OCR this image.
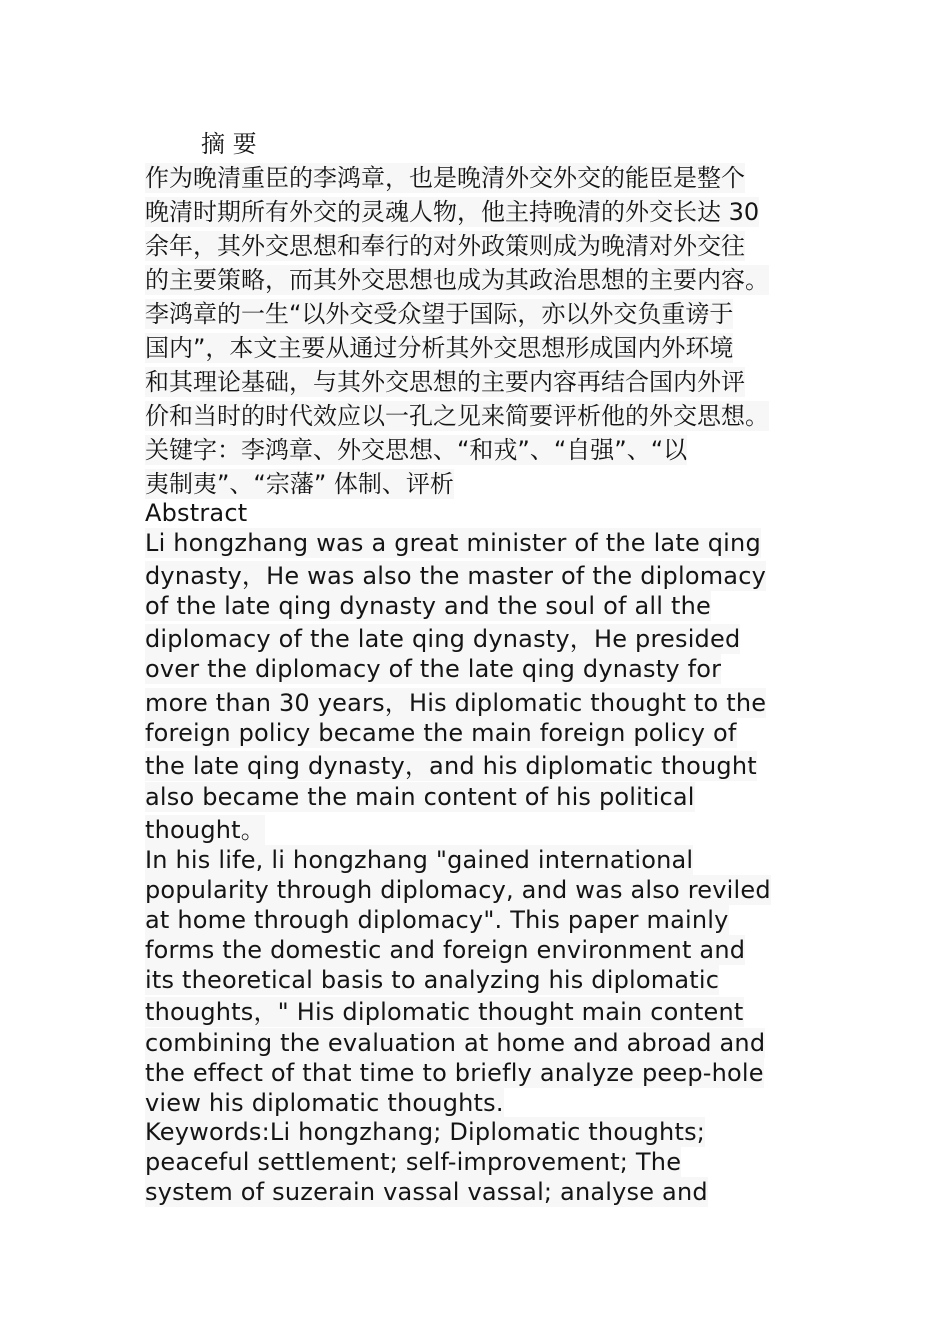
摘 要
作为晚清重臣的李鸿章，也是晚清外交外交的能臣是整个
晚清时期所有外交的灵魂人物，他主持晚清的外交长达 30
余年，其外交思想和奉行的对外政策则成为晚清对外交往
的主要策略，而其外交思想也成为其政治思想的主要内容。
李鸿章的一生“以外交受众望于国际，亦以外交负重谤于
国内”，本文主要从通过分析其外交思想形成国内外环境
和其理论基础，与其外交思想的主要内容再结合国内外评
价和当时的时代效应以一孔之见来简要评析他的外交思想。
关键字：李鸿章、外交思想、“和戎”、“自强”、“以
夷制夷”、“宗藩” 体制、评析
Abstract
Li hongzhang was a great minister of the late qing
dynasty，He was also the master of the diplomacy
of the late qing dynasty and the soul of all the
diplomacy of the late qing dynasty，He presided
over the diplomacy of the late qing dynasty for
more than 30 years，His diplomatic thought to the
foreign policy became the main foreign policy of
the late qing dynasty，and his diplomatic thought
also became the main content of his political
thought。
In his life, li hongzhang "gained international
popularity through diplomacy, and was also reviled
at home through diplomacy". This paper mainly
forms the domestic and foreign environment and
its theoretical basis to analyzing his diplomatic
thoughts，" His diplomatic thought main content
combining the evaluation at home and abroad and
the effect of that time to briefly analyze peep-hole
view his diplomatic thoughts.
Keywords:Li hongzhang; Diplomatic thoughts;
peaceful settlement; self-improvement; The
system of suzerain vassal vassal; analyse and
